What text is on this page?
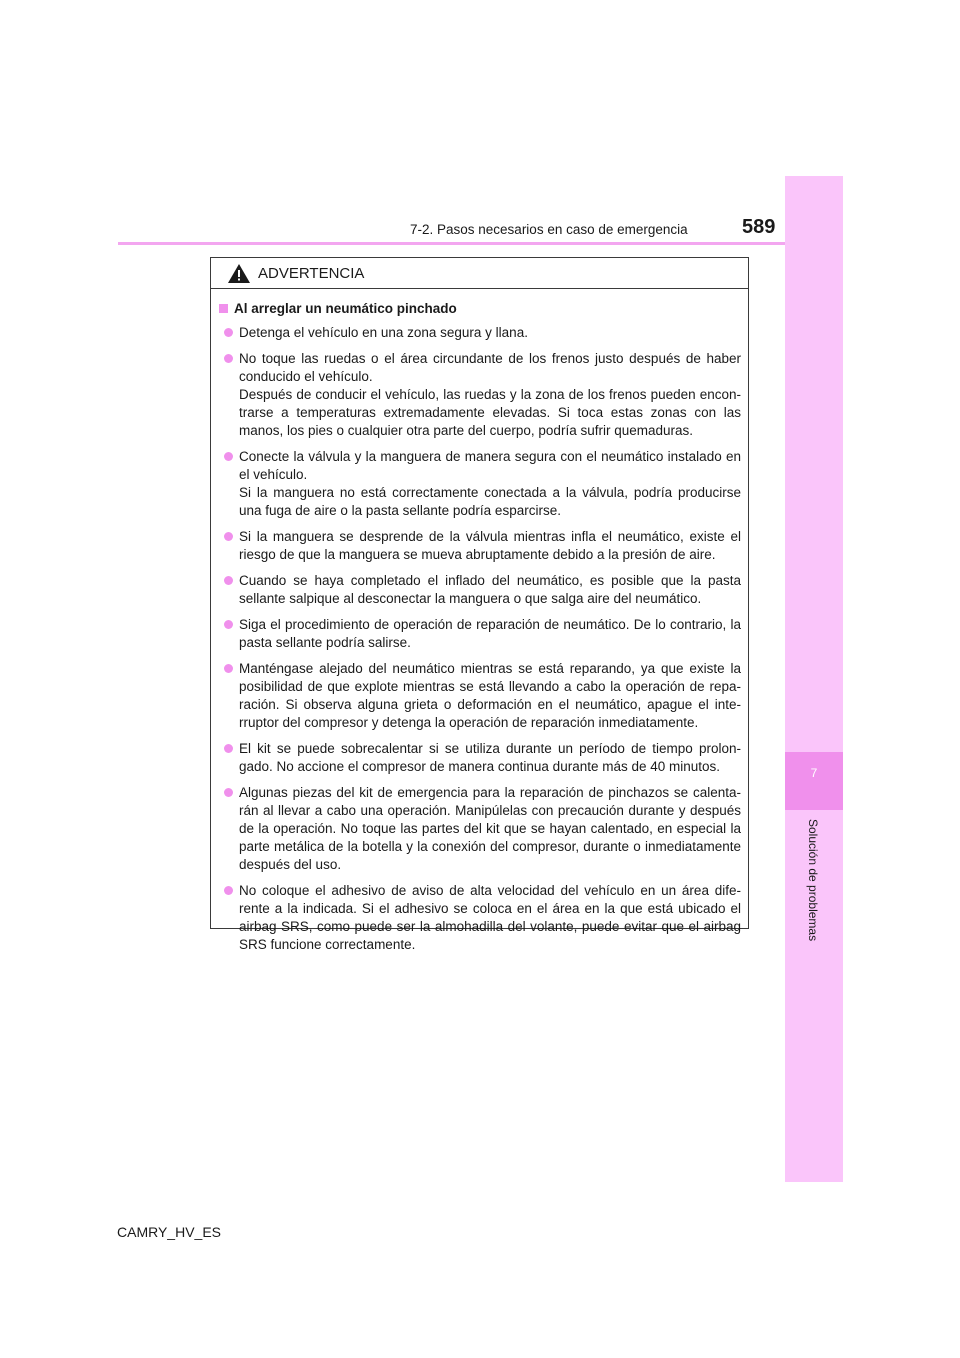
7-2. Pasos necesarios en caso de emergencia	589
7
Solución de problemas
ADVERTENCIA
Al arreglar un neumático pinchado
Detenga el vehículo en una zona segura y llana.
No toque las ruedas o el área circundante de los frenos justo después de haber conducido el vehículo.
Después de conducir el vehículo, las ruedas y la zona de los frenos pueden encon-trarse a temperaturas extremadamente elevadas. Si toca estas zonas con las manos, los pies o cualquier otra parte del cuerpo, podría sufrir quemaduras.
Conecte la válvula y la manguera de manera segura con el neumático instalado en el vehículo.
Si la manguera no está correctamente conectada a la válvula, podría producirse una fuga de aire o la pasta sellante podría esparcirse.
Si la manguera se desprende de la válvula mientras infla el neumático, existe el riesgo de que la manguera se mueva abruptamente debido a la presión de aire.
Cuando se haya completado el inflado del neumático, es posible que la pasta sellante salpique al desconectar la manguera o que salga aire del neumático.
Siga el procedimiento de operación de reparación de neumático. De lo contrario, la pasta sellante podría salirse.
Manténgase alejado del neumático mientras se está reparando, ya que existe la posibilidad de que explote mientras se está llevando a cabo la operación de repa-ración. Si observa alguna grieta o deformación en el neumático, apague el inte-rruptor del compresor y detenga la operación de reparación inmediatamente.
El kit se puede sobrecalentar si se utiliza durante un período de tiempo prolon-gado. No accione el compresor de manera continua durante más de 40 minutos.
Algunas piezas del kit de emergencia para la reparación de pinchazos se calenta-rán al llevar a cabo una operación. Manipúlelas con precaución durante y después de la operación. No toque las partes del kit que se hayan calentado, en especial la parte metálica de la botella y la conexión del compresor, durante o inmediatamente después del uso.
No coloque el adhesivo de aviso de alta velocidad del vehículo en un área dife-rente a la indicada. Si el adhesivo se coloca en el área en la que está ubicado el airbag SRS, como puede ser la almohadilla del volante, puede evitar que el airbag SRS funcione correctamente.
CAMRY_HV_ES
